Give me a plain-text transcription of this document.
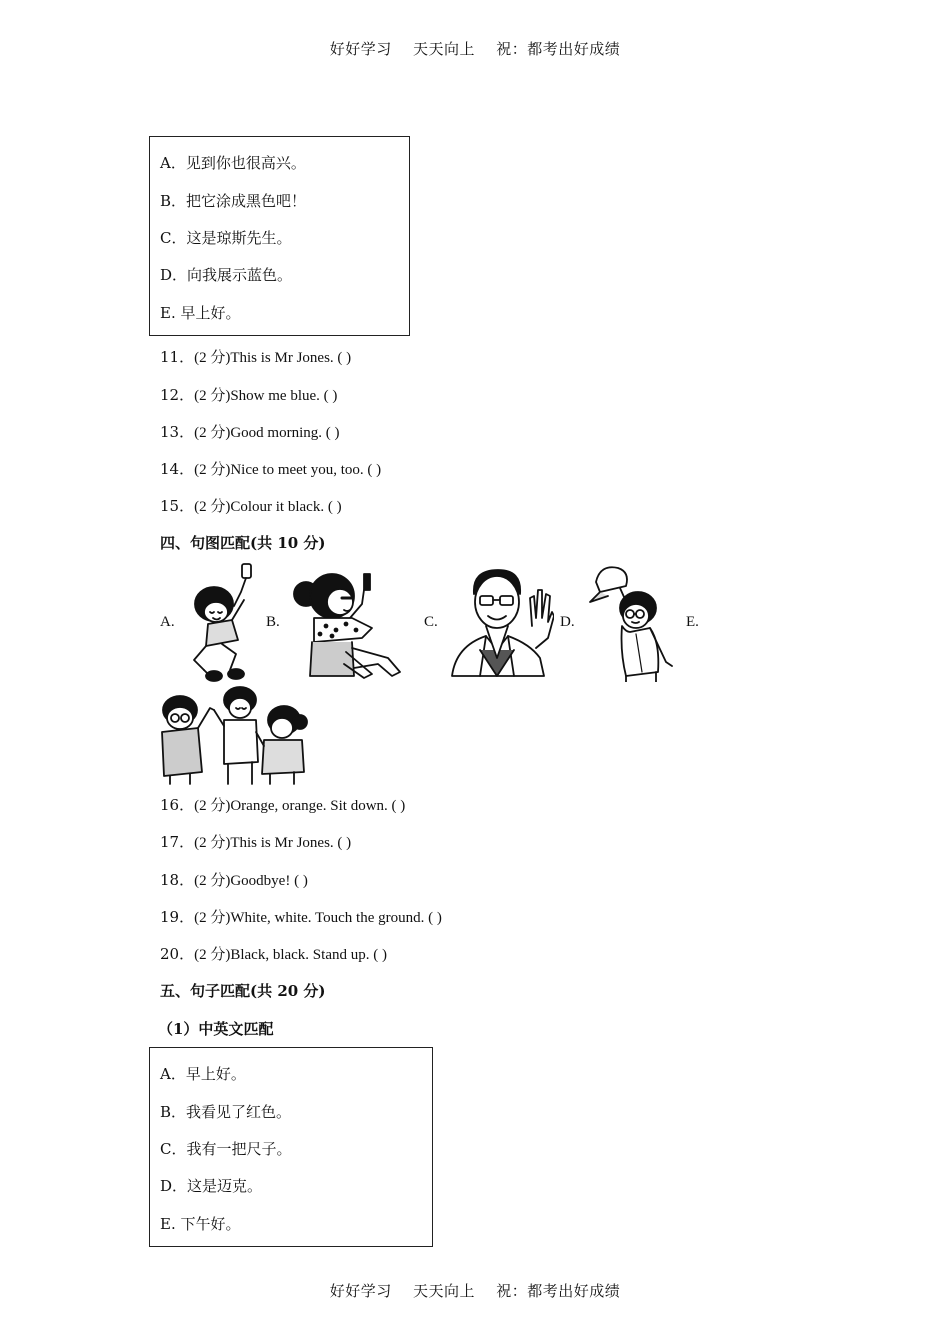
好好学习 天天向上 祝：都考出好成绩
A．见到你也很高兴。
B．把它涂成黑色吧！
C．这是琼斯先生。
D．向我展示蓝色。
E. 早上好。
11．(2 分)This is Mr Jones. ( )
12．(2 分)Show me blue. ( )
13．(2 分)Good morning. ( )
14．(2 分)Nice to meet you, too. ( )
15．(2 分)Colour it black. ( )
四、句图匹配(共 10 分)
A.	B.	C.	D.	E.
16．(2 分)Orange, orange. Sit down. ( )
17．(2 分)This is Mr Jones. ( )
18．(2 分)Goodbye! ( )
19．(2 分)White, white. Touch the ground. ( )
20．(2 分)Black, black. Stand up. ( )
五、句子匹配(共 20 分)
（1）中英文匹配
A．早上好。
B．我看见了红色。
C．我有一把尺子。
D．这是迈克。
E. 下午好。
好好学习 天天向上 祝：都考出好成绩
